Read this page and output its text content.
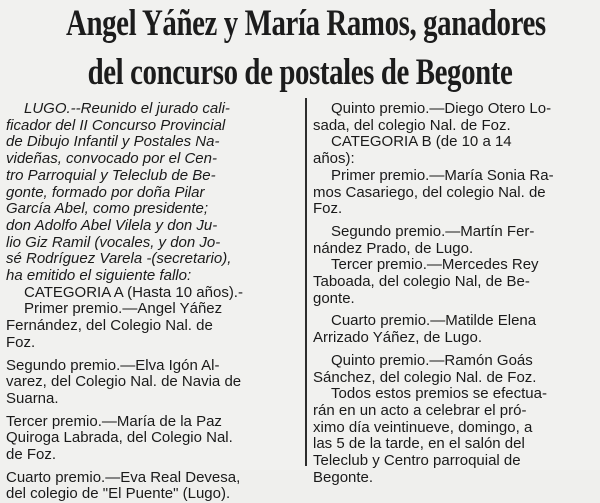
Angel Yáñez y María Ramos, ganadores
del concurso de postales de Begonte

LUGO.--Reunido el jurado cali-

ficador del II Concurso Provincial

de Dibujo Infantil y Postales Na-

videñas, convocado por el Cen-

tro Parroquial y Teleclub de Be-

gonte, formado por doña Pilar

García Abel, como presidente;

don Adolfo Abel Vilela y don Ju-

lio Giz Ramil (vocales, y don Jo-

sé Rodríguez Varela -(secretario),

ha emitido el siguiente fallo:

CATEGORIA A (Hasta 10 años).-

Primer premio.—Angel Yáñez

Fernández, del Colegio Nal. de

Foz.

Segundo premio.—Elva Igón Al-

varez, del Colegio Nal. de Navia de

Suarna.

Tercer premio.—María de la Paz

Quiroga Labrada, del Colegio Nal.

de Foz.

Cuarto premio.—Eva Real Devesa,

del colegio de "El Puente" (Lugo).

Quinto premio.—Diego Otero Lo-

sada, del colegio Nal. de Foz.

CATEGORIA B (de 10 a 14

años):

Primer premio.—María Sonia Ra-

mos Casariego, del colegio Nal. de

Foz.

Segundo premio.—Martín Fer-

nández Prado, de Lugo.

Tercer premio.—Mercedes Rey

Taboada, del colegio Nal, de Be-

gonte.

Cuarto premio.—Matilde Elena

Arrizado Yáñez, de Lugo.

Quinto premio.—Ramón Goás

Sánchez, del colegio Nal. de Foz.

Todos estos premios se efectua-

rán en un acto a celebrar el pró-

ximo día veintinueve, domingo, a

las 5 de la tarde, en el salón del

Teleclub y Centro parroquial de

Begonte.
